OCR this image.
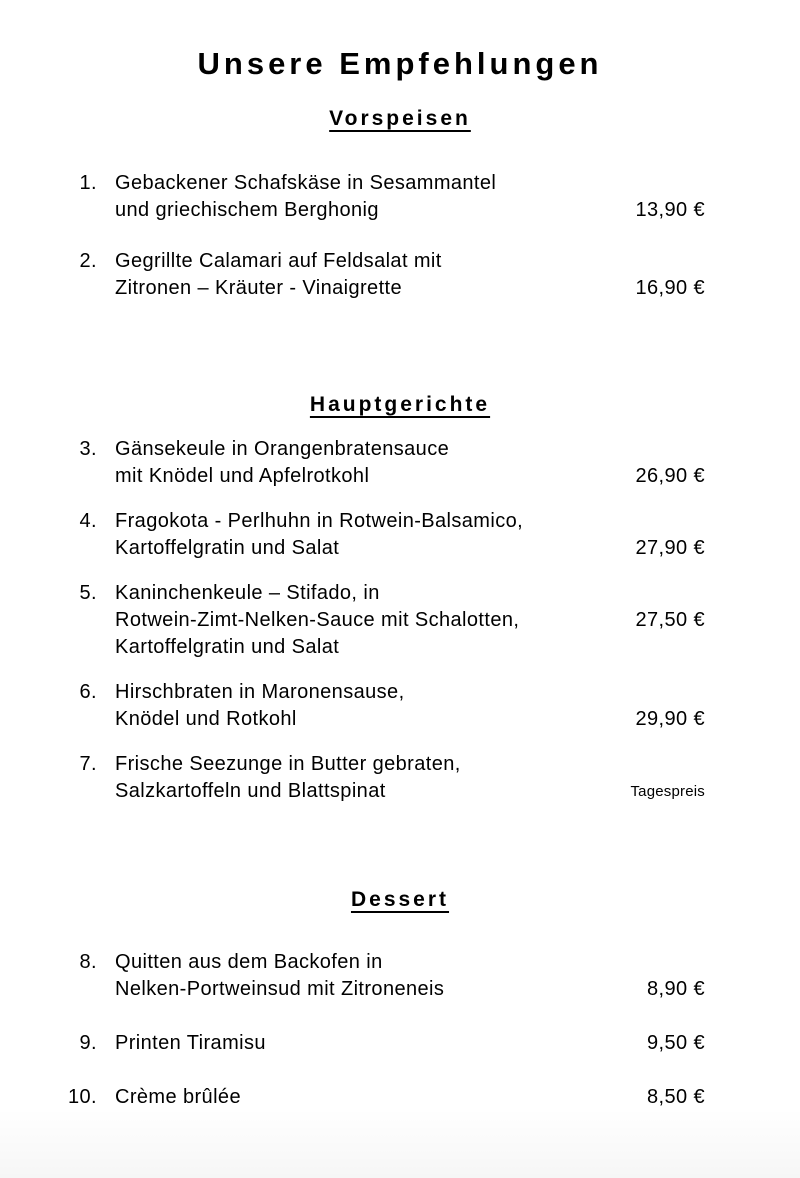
Unsere Empfehlungen
Vorspeisen
1. Gebackener Schafskäse in Sesammantel
und griechischem Berghonig	13,90 €
2. Gegrillte Calamari auf Feldsalat mit
Zitronen – Kräuter - Vinaigrette	16,90 €
Hauptgerichte
3. Gänsekeule in Orangenbratensauce
mit Knödel und Apfelrotkohl	26,90 €
4. Fragokota - Perlhuhn in Rotwein-Balsamico,
Kartoffelgratin und Salat	27,90 €
5. Kaninchenkeule – Stifado, in
Rotwein-Zimt-Nelken-Sauce mit Schalotten,
Kartoffelgratin und Salat
27,50 €
6. Hirschbraten in Maronensause,
Knödel und Rotkohl	29,90 €
7. Frische Seezunge in Butter gebraten,
Salzkartoffeln und Blattspinat	Tagespreis
Dessert
8. Quitten aus dem Backofen in
Nelken-Portweinsud mit Zitroneneis	8,90 €
9. Printen Tiramisu	9,50 €
10. Crème brûlée	8,50 €
